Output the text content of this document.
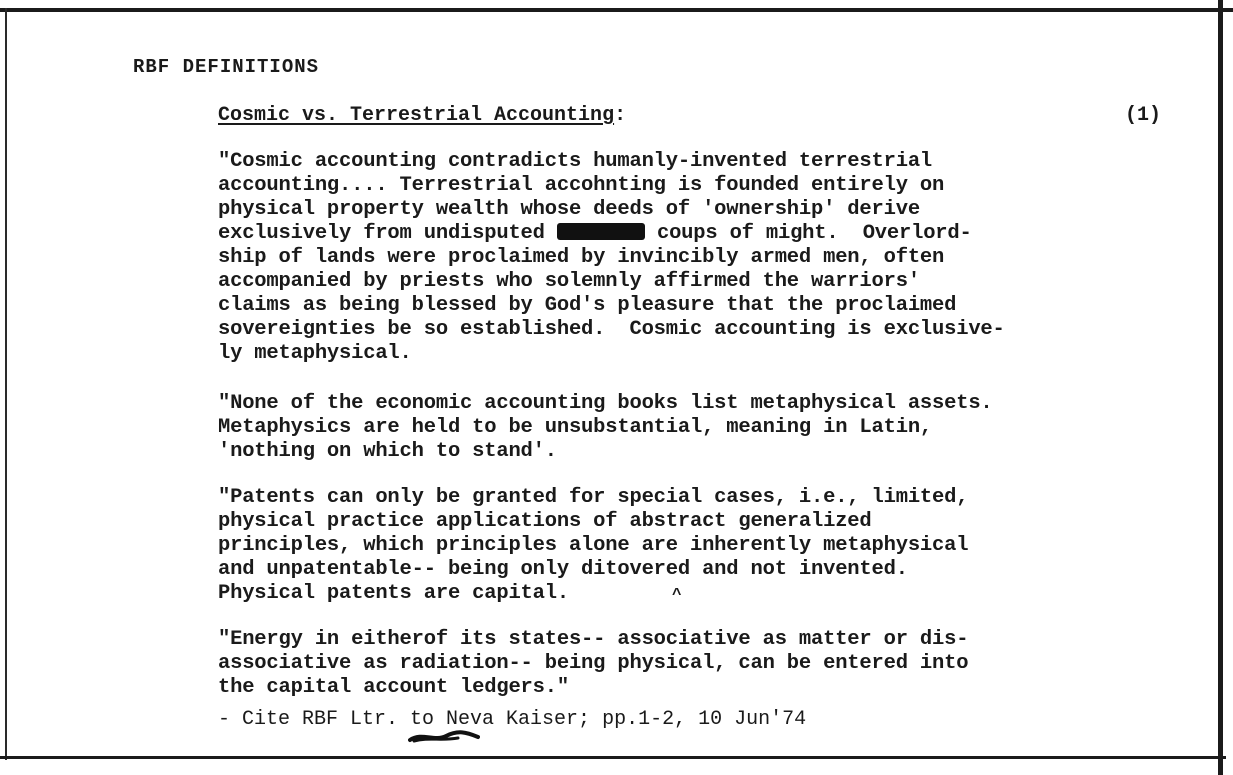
RBF DEFINITIONS
Cosmic vs. Terrestrial Accounting:	(1)
"Cosmic accounting contradicts humanly-invented terrestrial
accounting.... Terrestrial accohnting is founded entirely on
physical property wealth whose deeds of 'ownership' derive
exclusively from undisputed	coups of might.  Overlord-
ship of lands were proclaimed by invincibly armed men, often
accompanied by priests who solemnly affirmed the warriors'
claims as being blessed by God's pleasure that the proclaimed
sovereignties be so established.  Cosmic accounting is exclusive-
ly metaphysical.
"None of the economic accounting books list metaphysical assets.
Metaphysics are held to be unsubstantial, meaning in Latin,
'nothing on which to stand'.
"Patents can only be granted for special cases, i.e., limited,
physical practice applications of abstract generalized
principles, which principles alone are inherently metaphysical
and unpatentable-- being only ditovered and not invented.
Physical patents are capital.	^
"Energy in eitherof its states-- associative as matter or dis-
associative as radiation-- being physical, can be entered into
the capital account ledgers."
- Cite RBF Ltr. to Neva Kaiser; pp.1-2, 10 Jun'74
